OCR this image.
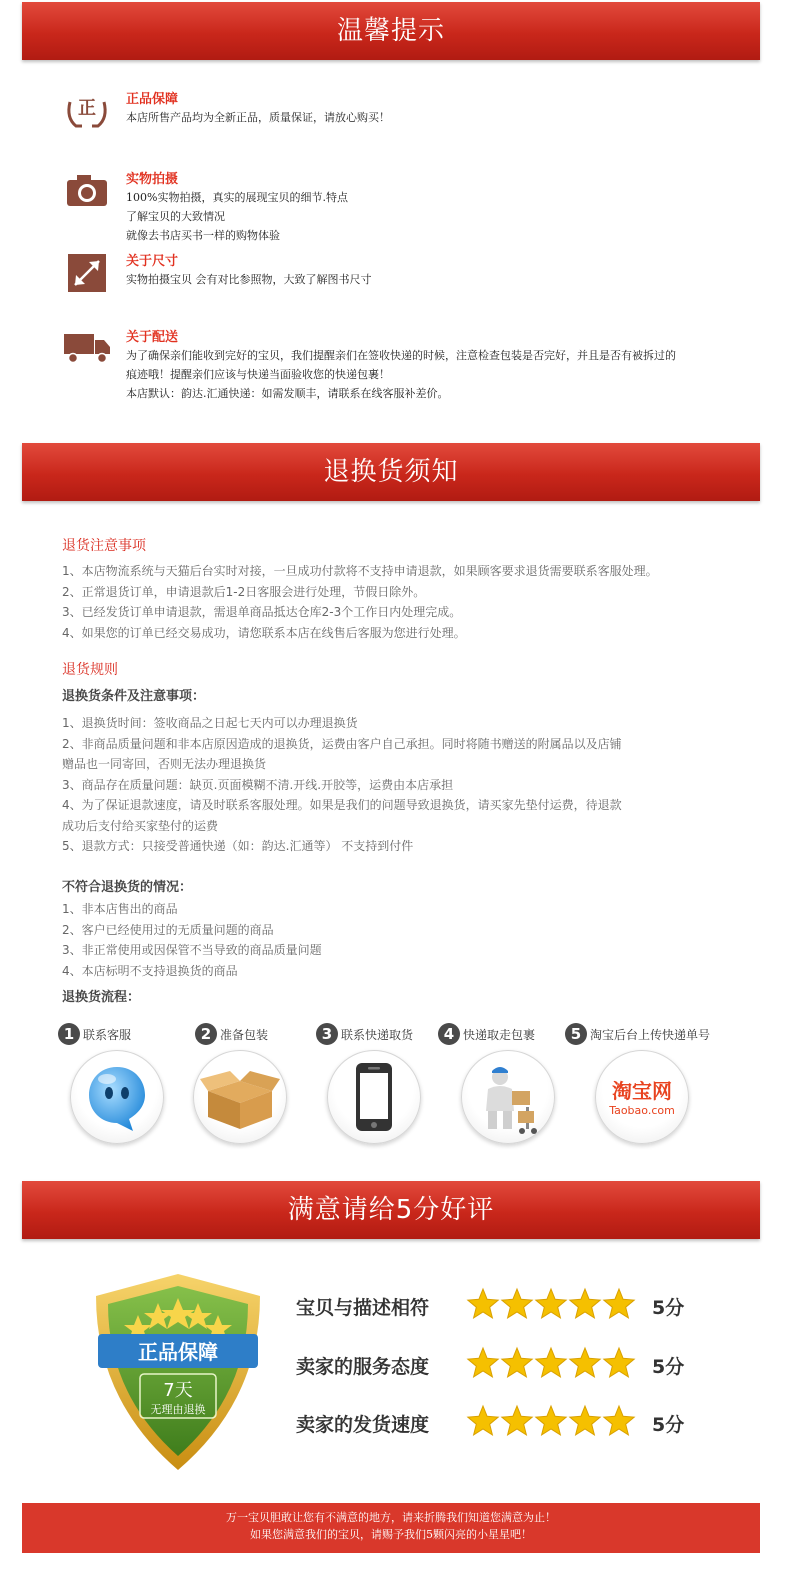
温馨提示
正 正品保障
本店所售产品均为全新正品，质量保证，请放心购买！
实物拍摄
100%实物拍摄，真实的展现宝贝的细节.特点
了解宝贝的大致情况
就像去书店买书一样的购物体验
关于尺寸
实物拍摄宝贝 会有对比参照物，大致了解图书尺寸
关于配送
为了确保亲们能收到完好的宝贝，我们提醒亲们在签收快递的时候，注意检查包装是否完好，并且是否有被拆过的
痕迹哦！提醒亲们应该与快递当面验收您的快递包裹！
本店默认：韵达.汇通快递：如需发顺丰，请联系在线客服补差价。
退换货须知
退货注意事项
1、本店物流系统与天猫后台实时对接，一旦成功付款将不支持申请退款，如果顾客要求退货需要联系客服处理。
2、正常退货订单，申请退款后1-2日客服会进行处理，节假日除外。
3、已经发货订单申请退款，需退单商品抵达仓库2-3个工作日内处理完成。
4、如果您的订单已经交易成功，请您联系本店在线售后客服为您进行处理。
退货规则
退换货条件及注意事项：
1、退换货时间：签收商品之日起七天内可以办理退换货
2、非商品质量问题和非本店原因造成的退换货，运费由客户自己承担。同时将随书赠送的附属品以及店铺
赠品也一同寄回，否则无法办理退换货
3、商品存在质量问题：缺页.页面模糊不清.开线.开胶等，运费由本店承担
4、为了保证退款速度，请及时联系客服处理。如果是我们的问题导致退换货，请买家先垫付运费，待退款
成功后支付给买家垫付的运费
5、退款方式：只接受普通快递（如：韵达.汇通等） 不支持到付件
不符合退换货的情况：
1、非本店售出的商品
2、客户已经使用过的无质量问题的商品
3、非正常使用或因保管不当导致的商品质量问题
4、本店标明不支持退换货的商品
退换货流程：
1 联系客服	2 准备包装	3 联系快递取货	4 快递取走包裹	5 淘宝后台上传快递单号
淘宝网
Taobao.com
满意请给5分好评
正品保障
7天
无理由退换
宝贝与描述相符	5分
卖家的服务态度	5分
卖家的发货速度	5分
万一宝贝胆敢让您有不满意的地方，请来折腾我们知道您满意为止！
如果您满意我们的宝贝，请赐予我们5颗闪亮的小星星吧！
